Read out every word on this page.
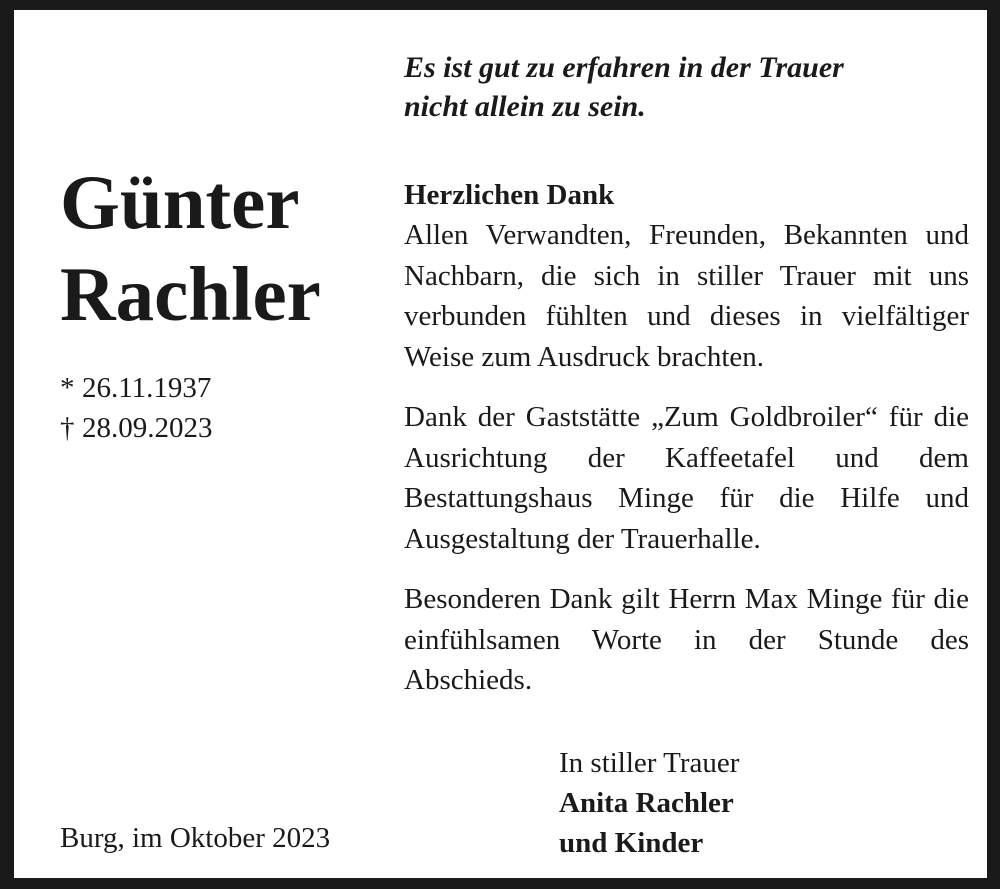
Günter
Rachler
* 26.11.1937
† 28.09.2023

Es ist gut zu erfahren in der Trauer

nicht allein zu sein.

Herzlichen Dank

Allen Verwandten, Freunden, Bekannten und Nachbarn, die sich in stiller Trauer mit uns verbunden fühlten und dieses in vielfältiger Weise zum Ausdruck brachten.

Dank der Gaststätte „Zum Goldbroiler“ für die Ausrichtung der Kaffeetafel und dem Bestattungshaus Minge für die Hilfe und Ausgestaltung der Trauerhalle.

Besonderen Dank gilt Herrn Max Minge für die einfühlsamen Worte in der Stunde des Abschieds.

In stiller Trauer
Anita Rachler
und Kinder
Burg, im Oktober 2023
